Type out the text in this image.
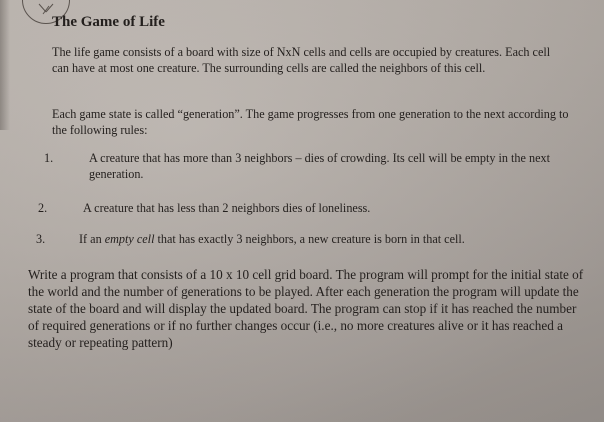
The Game of Life

The life game consists of a board with size of NxN cells and cells are occupied by creatures. Each cell can have at most one creature. The surrounding cells are called the neighbors of this cell.

Each game state is called “generation”. The game progresses from one generation to the next according to the following rules:

1.	A creature that has more than 3 neighbors – dies of crowding. Its cell will be empty in the next generation.
2.	A creature that has less than 2 neighbors dies of loneliness.
3.	If an empty cell that has exactly 3 neighbors, a new creature is born in that cell.

Write a program that consists of a 10 x 10 cell grid board. The program will prompt for the initial state of the world and the number of generations to be played. After each generation the program will update the state of the board and will display the updated board. The program can stop if it has reached the number of required generations or if no further changes occur (i.e., no more creatures alive or it has reached a steady or repeating pattern)
